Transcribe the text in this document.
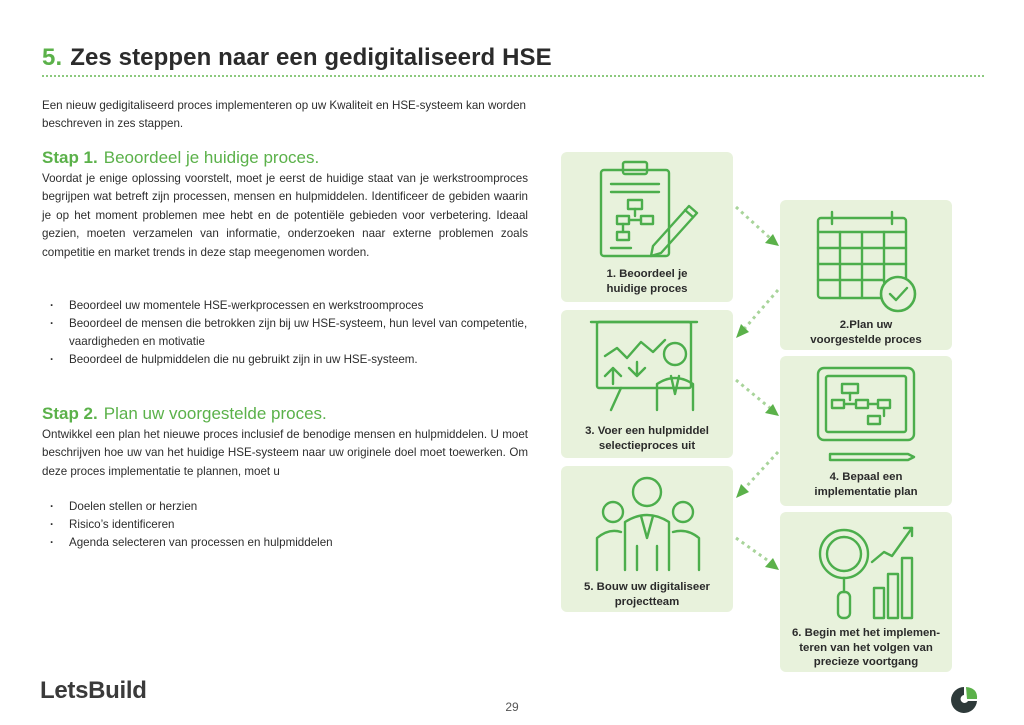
5. Zes steppen naar een gedigitaliseerd HSE
Een nieuw gedigitaliseerd proces implementeren op uw Kwaliteit en HSE-systeem kan worden beschreven in zes stappen.
Stap 1. Beoordeel je huidige proces.
Voordat je enige oplossing voorstelt, moet je eerst de huidige staat van je werkstroomproces begrijpen wat betreft zijn processen, mensen en hulpmiddelen. Identificeer de gebiden waarin je op het moment problemen mee hebt en de potentiële gebieden voor verbetering. Ideaal gezien, moeten verzamelen van informatie, onderzoeken naar externe problemen zoals competitie en market trends in deze stap meegenomen worden.
· Beoordeel uw momentele HSE-werkprocessen en werkstroomproces
· Beoordeel de mensen die betrokken zijn bij uw HSE-systeem, hun level van competentie, vaardigheden en motivatie
· Beoordeel de hulpmiddelen die nu gebruikt zijn in uw HSE-systeem.
Stap 2. Plan uw voorgestelde proces.
Ontwikkel een plan het nieuwe proces inclusief de benodige mensen en hulpmiddelen. U moet beschrijven hoe uw van het huidige HSE-systeem naar uw originele doel moet toewerken. Om deze proces implementatie te plannen, moet u
· Doelen stellen or herzien
· Risico’s identificeren
· Agenda selecteren van processen en hulpmiddelen
1. Beoordeel je
huidige proces
2.Plan uw
voorgestelde proces
3. Voer een hulpmiddel
selectieproces uit
4. Bepaal een
implementatie plan
5. Bouw uw digitaliseer
projectteam
6. Begin met het implemen-
teren van het volgen van
precieze voortgang
LetsBuild
29
